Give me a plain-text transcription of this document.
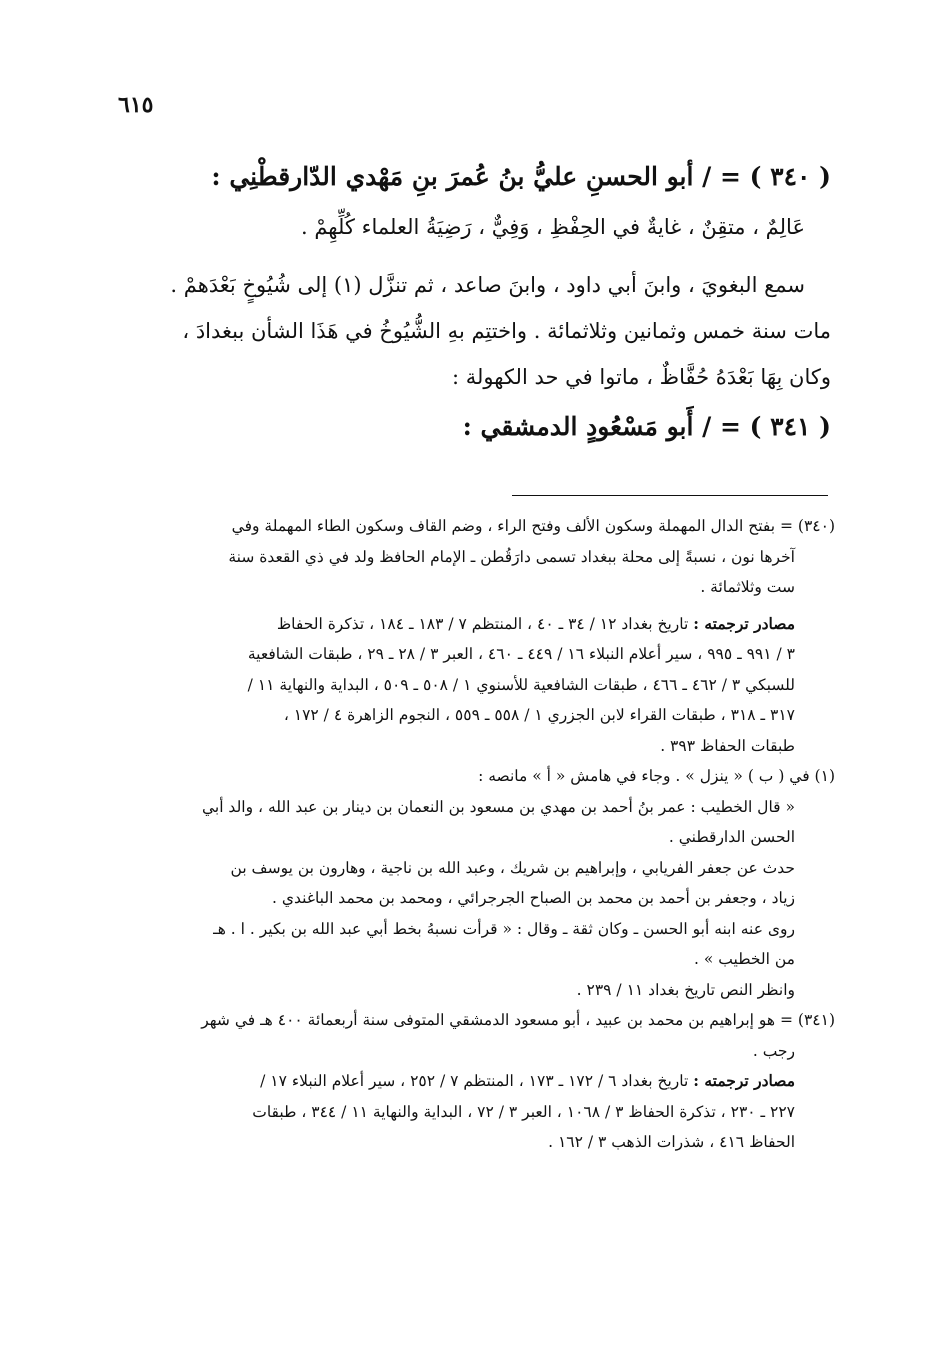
٦١٥

( ٣٤٠ ) = / أبو الحسنِ عليُّ بنُ عُمرَ بنِ مَهْدي الدّارقطْنِي :

عَالِمٌ ، متقِنٌ ، غايةٌ في الحِفْظِ ، وَفِيٌّ ، رَضِيَةُ العلماء كُلِّهِمْ .

سمع البغويَ ، وابنَ أبي داود ، وابنَ صاعد ، ثم تنزَّل (١) إلى شُيُوخٍ بَعْدَهمْ .

مات سنة خمس وثمانين وثلاثمائة . واختتِم بهِ الشُّيُوخُ في هَذَا الشأن ببغدادَ ،

وكان بِهَا بَعْدَهُ حُفَّاظٌ ، ماتوا في حد الكهولة :

( ٣٤١ ) = / أَبو مَسْعُودٍ الدمشقي :

(٣٤٠) = بفتح الدال المهملة وسكون الألف وفتح الراء ، وضم القاف وسكون الطاء المهملة وفي

آخرها نون ، نسبةً إلى محلة ببغداد تسمى دارَقُطن ـ الإمام الحافظ ولد في ذي القعدة سنة

ست وثلاثمائة .

مصادر ترجمته : تاريخ بغداد ١٢ / ٣٤ ـ ٤٠ ، المنتظم ٧ / ١٨٣ ـ ١٨٤ ، تذكرة الحفاظ

٣ / ٩٩١ ـ ٩٩٥ ، سير أعلام النبلاء ١٦ / ٤٤٩ ـ ٤٦٠ ، العبر ٣ / ٢٨ ـ ٢٩ ، طبقات الشافعية

للسبكي ٣ / ٤٦٢ ـ ٤٦٦ ، طبقات الشافعية للأسنوي ١ / ٥٠٨ ـ ٥٠٩ ، البداية والنهاية ١١ /

٣١٧ ـ ٣١٨ ، طبقات القراء لابن الجزري ١ / ٥٥٨ ـ ٥٥٩ ، النجوم الزاهرة ٤ / ١٧٢ ،

طبقات الحفاظ ٣٩٣ .

(١) في ( ب ) « ينزل » . وجاء في هامش « أ » مانصه :

« قال الخطيب : عمر بنُ أحمد بن مهدي بن مسعود بن النعمان بن دينار بن عبد الله ، والد أبي

الحسن الدارقطني .

حدث عن جعفر الفريابي ، وإبراهيم بن شريك ، وعبد الله بن ناجية ، وهارون بن يوسف بن

زياد ، وجعفر بن أحمد بن محمد بن الصباح الجرجرائي ، ومحمد بن محمد الباغندي .

روى عنه ابنه أبو الحسن ـ وكان ثقة ـ وقال : « قرأت نسبهُ بخط أبي عبد الله بن بكير . ا . هـ

من الخطيب » .

وانظر النص تاريخ بغداد ١١ / ٢٣٩ .

(٣٤١) = هو إبراهيم بن محمد بن عبيد ، أبو مسعود الدمشقي المتوفى سنة أربعمائة ٤٠٠ هـ في شهر

رجب .

مصادر ترجمته : تاريخ بغداد ٦ / ١٧٢ ـ ١٧٣ ، المنتظم ٧ / ٢٥٢ ، سير أعلام النبلاء ١٧ /

٢٢٧ ـ ٢٣٠ ، تذكرة الحفاظ ٣ / ١٠٦٨ ، العبر ٣ / ٧٢ ، البداية والنهاية ١١ / ٣٤٤ ، طبقات

الحفاظ ٤١٦ ، شذرات الذهب ٣ / ١٦٢ .
